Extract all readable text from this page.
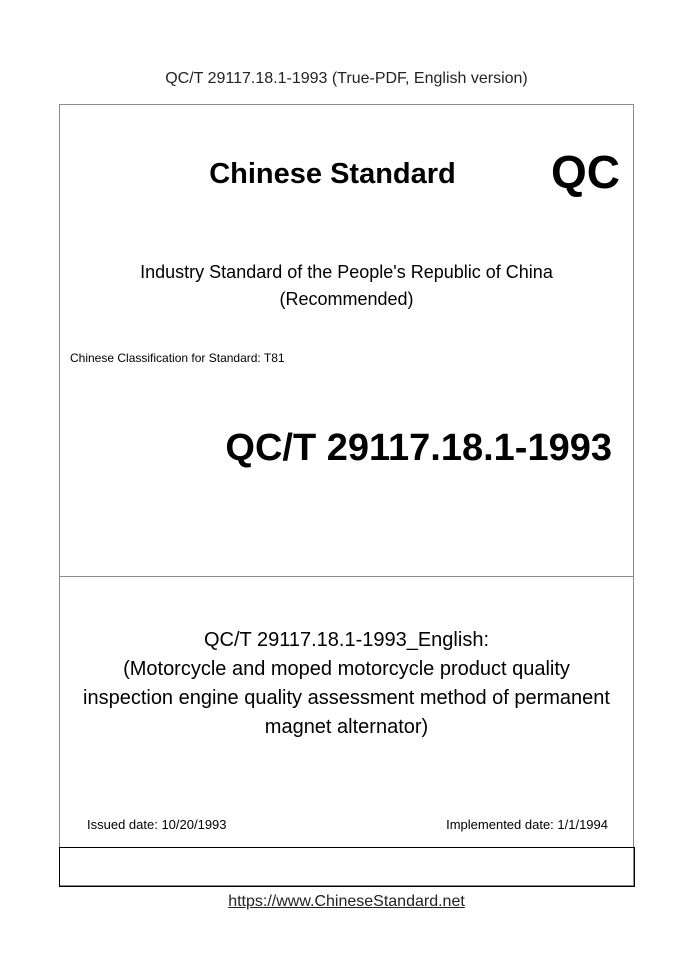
QC/T 29117.18.1-1993 (True-PDF, English version)
Chinese Standard	QC
Industry Standard of the People's Republic of China
(Recommended)
Chinese Classification for Standard: T81
QC/T 29117.18.1-1993
QC/T 29117.18.1-1993_English:
(Motorcycle and moped motorcycle product quality
inspection engine quality assessment method of permanent
magnet alternator)
Issued date: 10/20/1993	Implemented date: 1/1/1994
https://www.ChineseStandard.net
